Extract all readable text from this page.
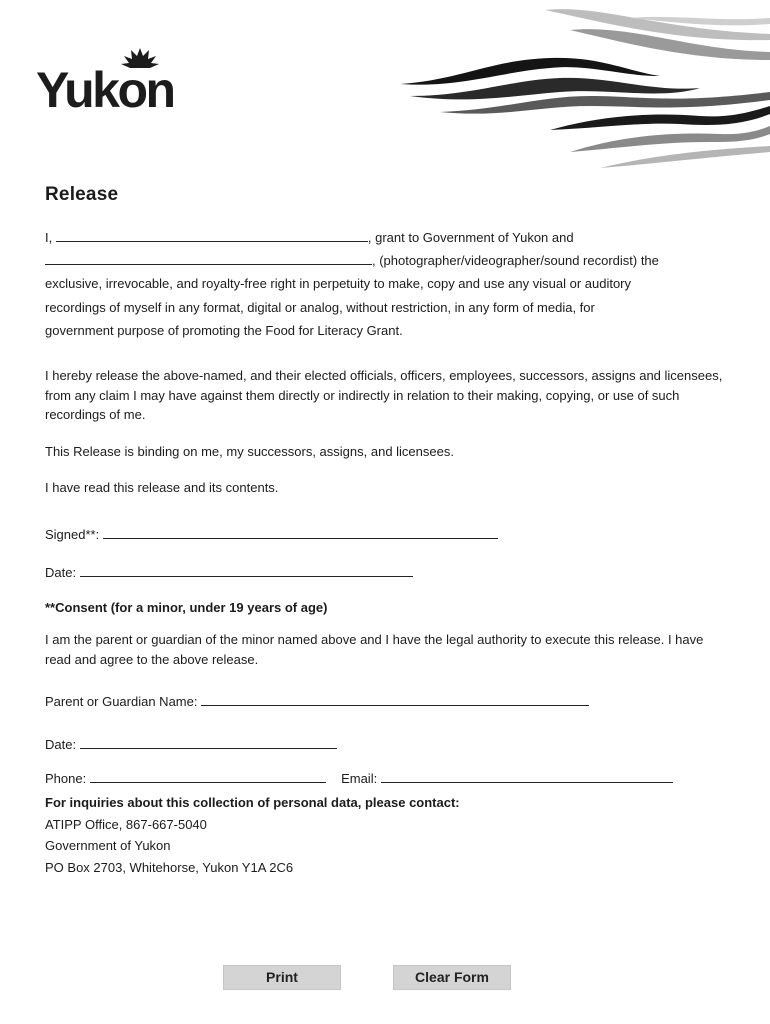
Yukon
Release
I,	, grant to Government of Yukon and
, (photographer/videographer/sound recordist) the
exclusive, irrevocable, and royalty-free right in perpetuity to make, copy and use any visual or auditory
recordings of myself in any format, digital or analog, without restriction, in any form of media, for
government purpose of promoting the Food for Literacy Grant.

I hereby release the above-named, and their elected officials, officers, employees, successors, assigns and licensees, from any claim I may have against them directly or indirectly in relation to their making, copying, or use of such recordings of me.

This Release is binding on me, my successors, assigns, and licensees.

I have read this release and its contents.

Signed**:
Date:

**Consent (for a minor, under 19 years of age)

I am the parent or guardian of the minor named above and I have the legal authority to execute this release. I have read and agree to the above release.

Parent or Guardian Name:
Date:
Phone:	Email:
For inquiries about this collection of personal data, please contact:
ATIPP Office, 867-667-5040
Government of Yukon
PO Box 2703, Whitehorse, Yukon Y1A 2C6
Print	Clear Form
